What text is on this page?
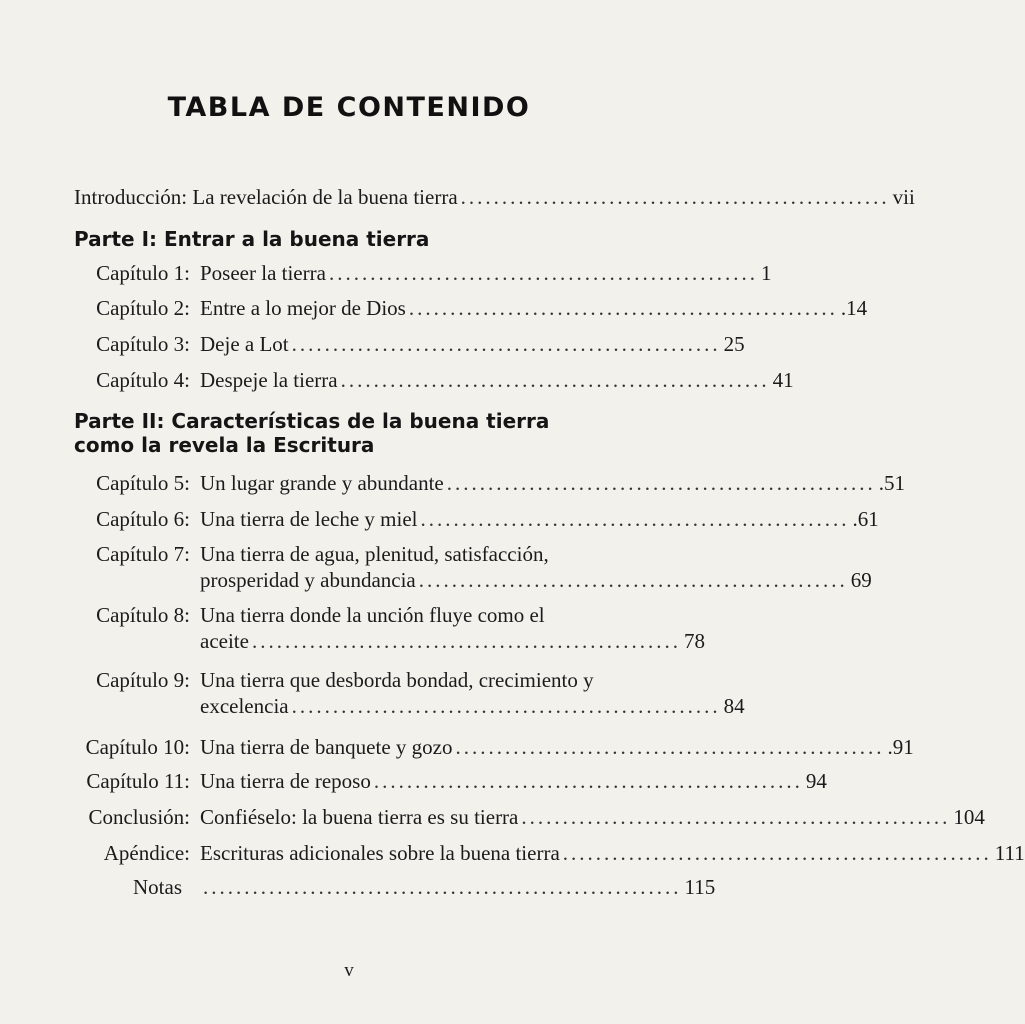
TABLA DE CONTENIDO
Introducción: La revelación de la buena tierra .................................................... vii
Parte I: Entrar a la buena tierra
Capítulo 1: Poseer la tierra .................................................... 1
Capítulo 2: Entre a lo mejor de Dios .................................................... .14
Capítulo 3: Deje a Lot .................................................... 25
Capítulo 4: Despeje la tierra .................................................... 41
Parte II: Características de la buena tierra
como la revela la Escritura
Capítulo 5: Un lugar grande y abundante .................................................... .51
Capítulo 6: Una tierra de leche y miel .................................................... .61
Capítulo 7: Una tierra de agua, plenitud, satisfacción,
prosperidad y abundancia .................................................... 69
Capítulo 8: Una tierra donde la unción fluye como el
aceite .................................................... 78
Capítulo 9: Una tierra que desborda bondad, crecimiento y
excelencia .................................................... 84
Capítulo 10: Una tierra de banquete y gozo .................................................... .91
Capítulo 11: Una tierra de reposo .................................................... 94
Conclusión: Confiéselo: la buena tierra es su tierra .................................................... 104
Apéndice: Escrituras adicionales sobre la buena tierra .................................................... 111
Notas	.......................................................... 115
v
